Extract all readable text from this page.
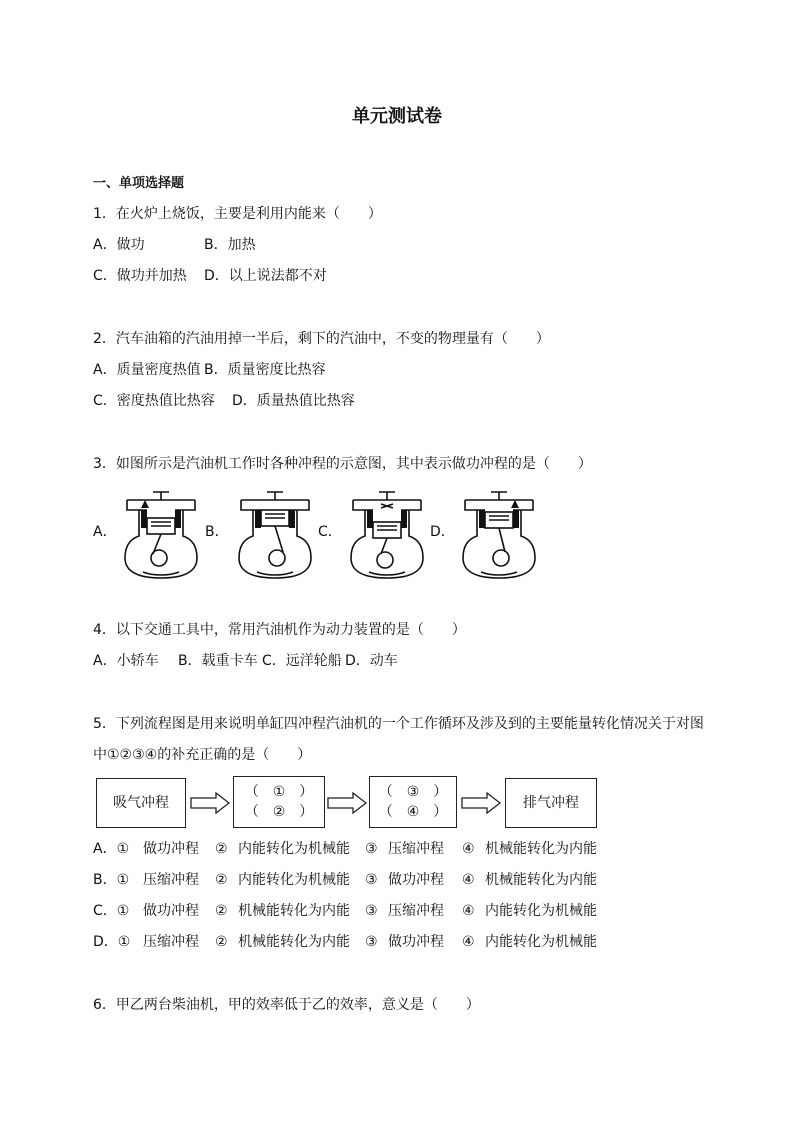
单元测试卷
一、单项选择题
1．在火炉上烧饭，主要是利用内能来（　　）
A．做功	B．加热
C．做功并加热 D．以上说法都不对
2．汽车油箱的汽油用掉一半后，剩下的汽油中，不变的物理量有（　　）
A．质量密度热值 B．质量密度比热容
C．密度热值比热容 D．质量热值比热容
3．如图所示是汽油机工作时各种冲程的示意图，其中表示做功冲程的是（　　）
A．	B．	C．	D．
4．以下交通工具中，常用汽油机作为动力装置的是（　　）
A．小轿车 B．载重卡车 C．远洋轮船 D．动车
5．下列流程图是用来说明单缸四冲程汽油机的一个工作循环及涉及到的主要能量转化情况关于对图
中①②③④的补充正确的是（　　）
吸气冲程
（　①　）
（　②　）
（　③　）
（　④　）
排气冲程
A．① 做功冲程 ② 内能转化为机械能 ③ 压缩冲程 ④ 机械能转化为内能
B．① 压缩冲程 ② 内能转化为机械能 ③ 做功冲程 ④ 机械能转化为内能
C．① 做功冲程 ② 机械能转化为内能 ③ 压缩冲程 ④ 内能转化为机械能
D．① 压缩冲程 ② 机械能转化为内能 ③ 做功冲程 ④ 内能转化为机械能
6．甲乙两台柴油机，甲的效率低于乙的效率，意义是（　　）
